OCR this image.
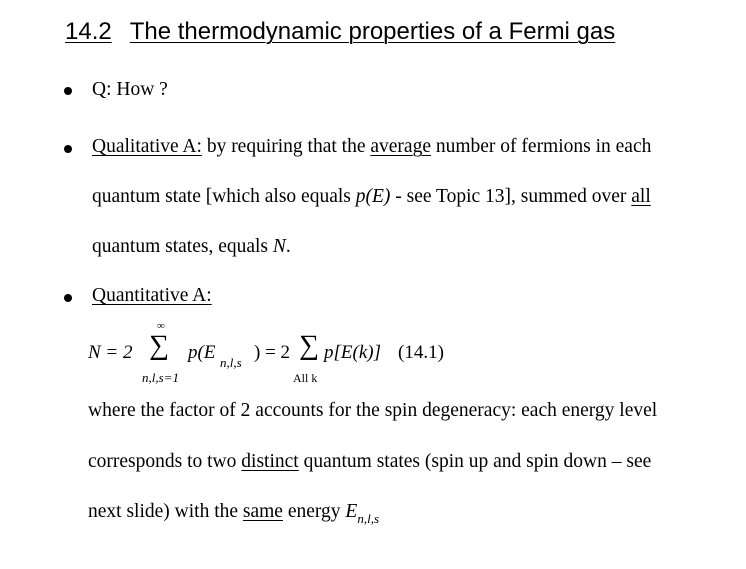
14.2 The thermodynamic properties of a Fermi gas
Q: How ?
Qualitative A: by requiring that the average number of fermions in each
quantum state [which also equals p(E) - see Topic 13], summed over all
quantum states, equals N.
Quantitative A:
N = 2
∞
∑
n,l,s=1
p(E n,l,s ) = 2 ∑
All k
p[E(k)] (14.1)
where the factor of 2 accounts for the spin degeneracy: each energy level
corresponds to two distinct quantum states (spin up and spin down – see
next slide) with the same energy $E_{n,l,s}$
